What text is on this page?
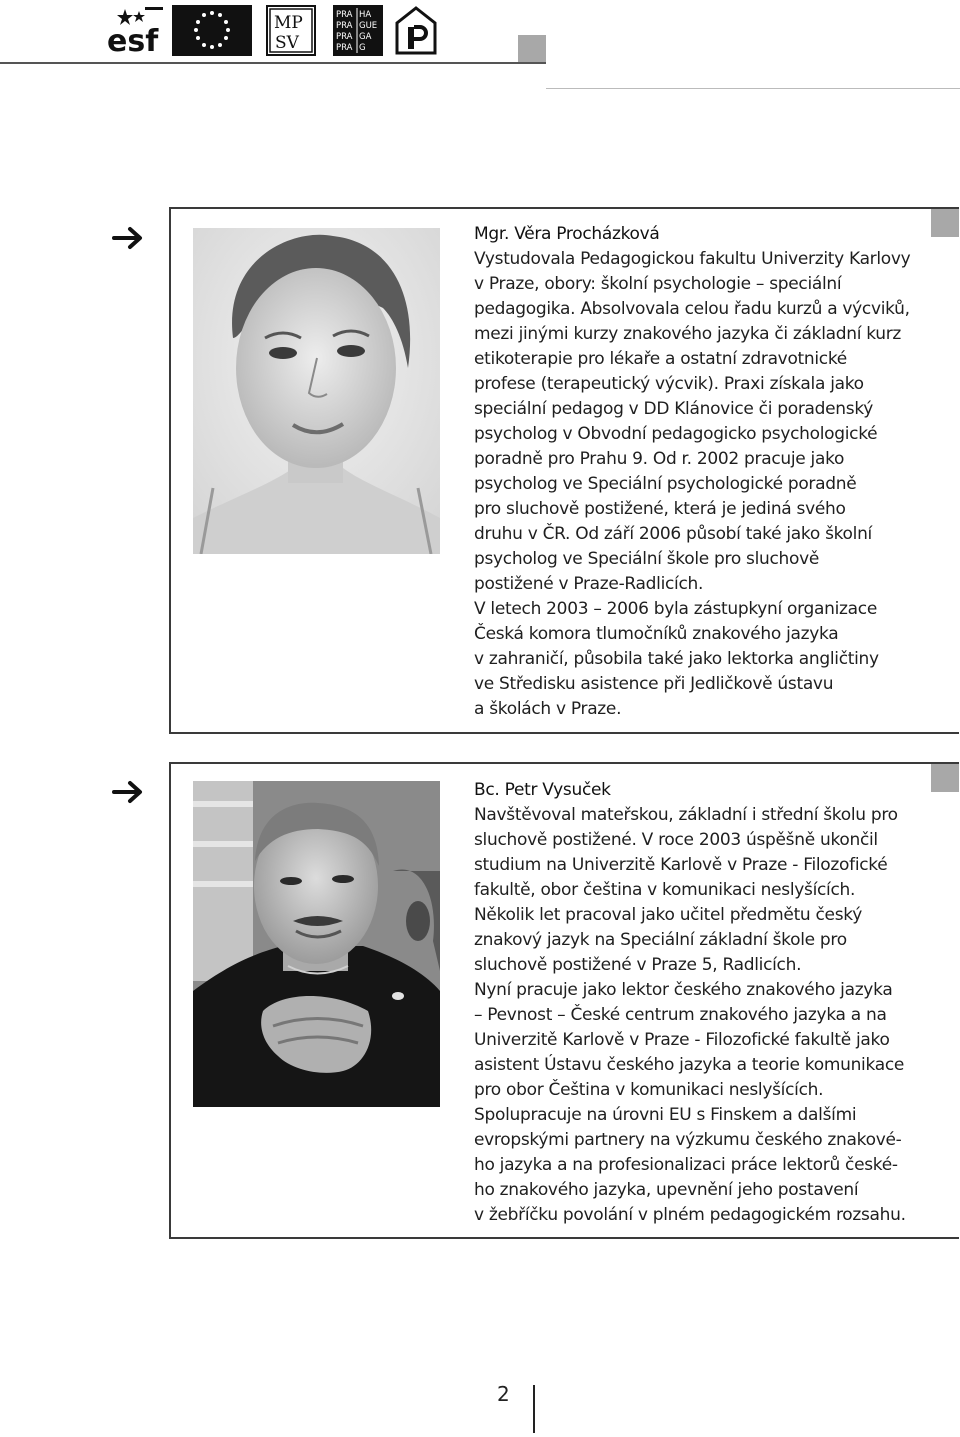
esf
MP
SV
PRA HA
PRA GUE
PRA GA
PRA G
Mgr. Věra Procházková

Vystudovala Pedagogickou fakultu Univerzity Karlovy
v Praze, obory: školní psychologie – speciální
pedagogika. Absolvovala celou řadu kurzů a výcviků,
mezi jinými kurzy znakového jazyka či základní kurz
etikoterapie pro lékaře a ostatní zdravotnické
profese (terapeutický výcvik). Praxi získala jako
speciální pedagog v DD Klánovice či poradenský
psycholog v Obvodní pedagogicko psychologické
poradně pro Prahu 9. Od r. 2002 pracuje jako
psycholog ve Speciální psychologické poradně
pro sluchově postižené, která je jediná svého
druhu v ČR. Od září 2006 působí také jako školní
psycholog ve Speciální škole pro sluchově
postižené v Praze-Radlicích.
V letech 2003 – 2006 byla zástupkyní organizace
Česká komora tlumočníků znakového jazyka
v zahraničí, působila také jako lektorka angličtiny
ve Středisku asistence při Jedličkově ústavu
a školách v Praze.

Bc. Petr Vysuček

Navštěvoval mateřskou, základní i střední školu pro
sluchově postižené. V roce 2003 úspěšně ukončil
studium na Univerzitě Karlově v Praze - Filozofické
fakultě, obor čeština v komunikaci neslyšících.
Několik let pracoval jako učitel předmětu český
znakový jazyk na Speciální základní škole pro
sluchově postižené v Praze 5, Radlicích.
Nyní pracuje jako lektor českého znakového jazyka
– Pevnost – České centrum znakového jazyka a na
Univerzitě Karlově v Praze - Filozofické fakultě jako
asistent Ústavu českého jazyka a teorie komunikace
pro obor Čeština v komunikaci neslyšících.
Spolupracuje na úrovni EU s Finskem a dalšími
evropskými partnery na výzkumu českého znakové-
ho jazyka a na profesionalizaci práce lektorů české-
ho znakového jazyka, upevnění jeho postavení
v žebříčku povolání v plném pedagogickém rozsahu.

2
